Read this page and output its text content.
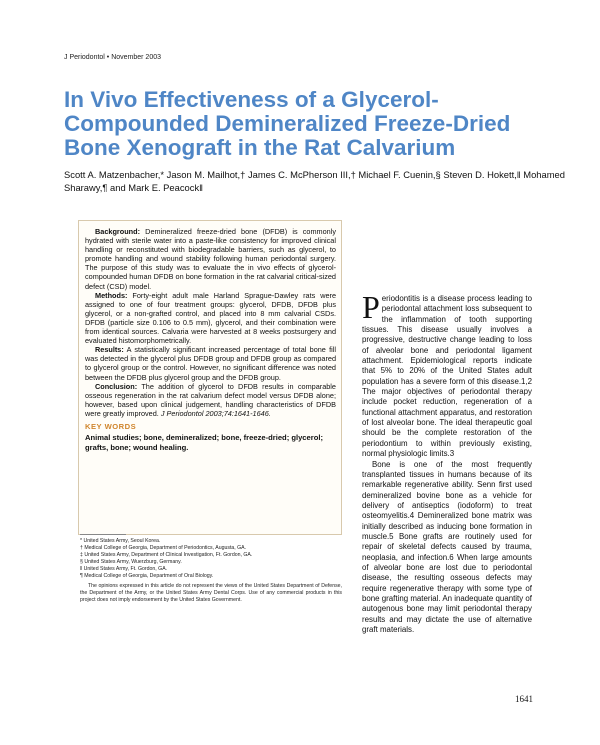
J Periodontol • November 2003
In Vivo Effectiveness of a Glycerol-Compounded Demineralized Freeze-Dried Bone Xenograft in the Rat Calvarium
Scott A. Matzenbacher,* Jason M. Mailhot,† James C. McPherson III,† Michael F. Cuenin,§ Steven D. Hokett,‖ Mohamed Sharawy,¶ and Mark E. Peacock‖

Background: Demineralized freeze-dried bone (DFDB) is commonly hydrated with sterile water into a paste-like consistency for improved clinical handling or reconstituted with biodegradable barriers, such as glycerol, to promote handling and wound stability following human periodontal surgery. The purpose of this study was to evaluate the in vivo effects of glycerol-compounded human DFDB on bone formation in the rat calvarial critical-sized defect (CSD) model.

Methods: Forty-eight adult male Harland Sprague-Dawley rats were assigned to one of four treatment groups: glycerol, DFDB, DFDB plus glycerol, or a non-grafted control, and placed into 8 mm calvarial CSDs. DFDB (particle size 0.106 to 0.5 mm), glycerol, and their combination were from identical sources. Calvaria were harvested at 8 weeks postsurgery and evaluated histomorphometrically.

Results: A statistically significant increased percentage of total bone fill was detected in the glycerol plus DFDB group and DFDB group as compared to glycerol group or the control. However, no significant difference was noted between the DFDB plus glycerol group and the DFDB group.

Conclusion: The addition of glycerol to DFDB results in comparable osseous regeneration in the rat calvarium defect model versus DFDB alone; however, based upon clinical judgement, handling characteristics of DFDB were greatly improved. J Periodontol 2003;74:1641-1646.

KEY WORDS

Animal studies; bone, demineralized; bone, freeze-dried; glycerol; grafts, bone; wound healing.

* United States Army, Seoul Korea.

† Medical College of Georgia, Department of Periodontics, Augusta, GA.

‡ United States Army, Department of Clinical Investigation, Ft. Gordon, GA.

§ United States Army, Wuerzburg, Germany.

‖ United States Army, Ft. Gordon, GA.

¶ Medical College of Georgia, Department of Oral Biology.

The opinions expressed in this article do not represent the views of the United States Department of Defense, the Department of the Army, or the United States Army Dental Corps. Use of any commercial products in this project does not imply endorsement by the United States Government.

Periodontitis is a disease process leading to periodontal attachment loss subsequent to the inflammation of tooth supporting tissues. This disease usually involves a progressive, destructive change leading to loss of alveolar bone and periodontal ligament attachment. Epidemiological reports indicate that 5% to 20% of the United States adult population has a severe form of this disease.1,2 The major objectives of periodontal therapy include pocket reduction, regeneration of a functional attachment apparatus, and restoration of lost alveolar bone. The ideal therapeutic goal should be the complete restoration of the periodontium to within previously existing, normal physiologic limits.3

Bone is one of the most frequently transplanted tissues in humans because of its remarkable regenerative ability. Senn first used demineralized bovine bone as a vehicle for delivery of antiseptics (iodoform) to treat osteomyelitis.4 Demineralized bone matrix was initially described as inducing bone formation in muscle.5 Bone grafts are routinely used for repair of skeletal defects caused by trauma, neoplasia, and infection.6 When large amounts of alveolar bone are lost due to periodontal disease, the resulting osseous defects may require regenerative therapy with some type of bone grafting material. An inadequate quantity of autogenous bone may limit periodontal therapy results and may dictate the use of alternative graft materials.

1641
